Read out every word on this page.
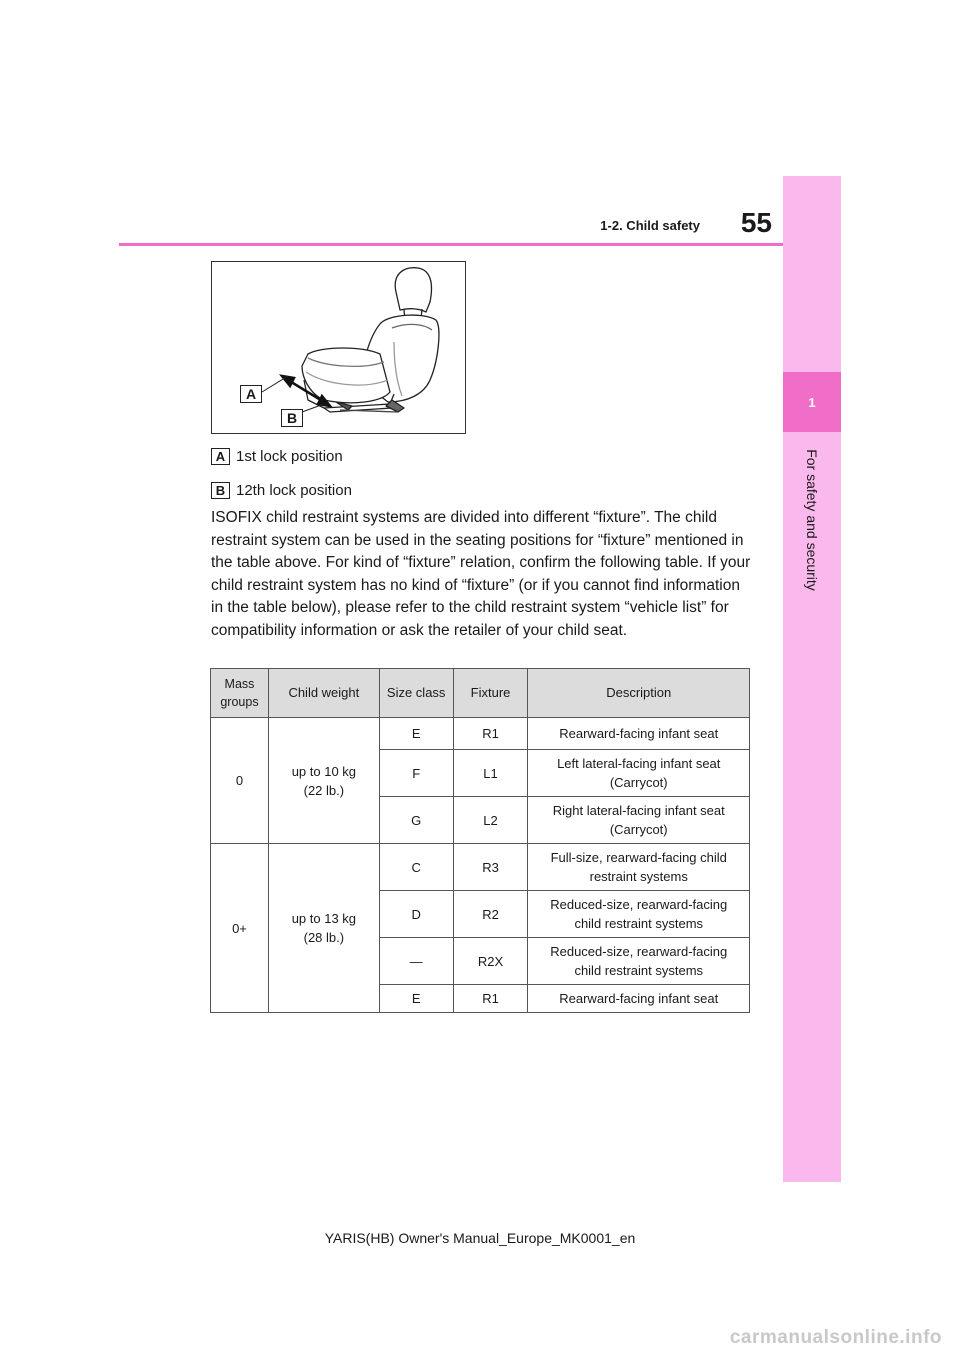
1-2. Child safety	55
1
For safety and security
A
B
A 1st lock position
B 12th lock position
ISOFIX child restraint systems are divided into different “fixture”. The child restraint system can be used in the seating positions for “fixture” mentioned in the table above. For kind of “fixture” relation, confirm the following table. If your child restraint system has no kind of “fixture” (or if you cannot find information in the table below), please refer to the child restraint system “vehicle list” for compatibility information or ask the retailer of your child seat.
Mass groups	Child weight	Size class	Fixture	Description
0	up to 10 kg (22 lb.)	E	R1	Rearward-facing infant seat
		F	L1	Left lateral-facing infant seat (Carrycot)
		G	L2	Right lateral-facing infant seat (Carrycot)
0+	up to 13 kg (28 lb.)	C	R3	Full-size, rearward-facing child restraint systems
		D	R2	Reduced-size, rearward-facing child restraint systems
		—	R2X	Reduced-size, rearward-facing child restraint systems
		E	R1	Rearward-facing infant seat
YARIS(HB) Owner's Manual_Europe_MK0001_en
carmanualsonline.info
